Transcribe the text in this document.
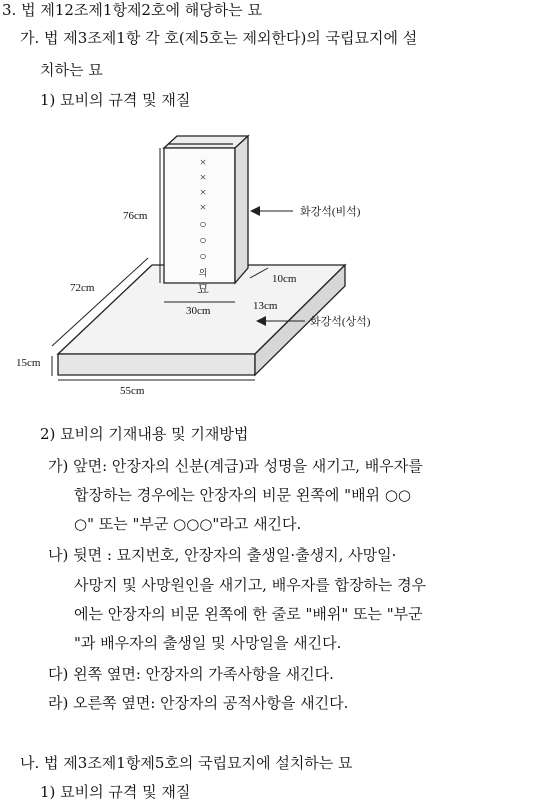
3. 법 제12조제1항제2호에 해당하는 묘
가. 법 제3조제1항 각 호(제5호는 제외한다)의 국립묘지에 설
치하는 묘
1) 묘비의 규격 및 재질
×
×
×
×
○
○
○
의
묘
76cm
72cm
15cm
55cm
30cm
10cm
13cm
화강석(비석)
화강석(상석)
2) 묘비의 기재내용 및 기재방법
가) 앞면: 안장자의 신분(계급)과 성명을 새기고, 배우자를
합장하는 경우에는 안장자의 비문 왼쪽에 "배위 ○○
○" 또는 "부군 ○○○"라고 새긴다.
나) 뒷면 : 묘지번호, 안장자의 출생일·출생지, 사망일·
사망지 및 사망원인을 새기고, 배우자를 합장하는 경우
에는 안장자의 비문 왼쪽에 한 줄로 "배위" 또는 "부군
"과 배우자의 출생일 및 사망일을 새긴다.
다) 왼쪽 옆면: 안장자의 가족사항을 새긴다.
라) 오른쪽 옆면: 안장자의 공적사항을 새긴다.
나. 법 제3조제1항제5호의 국립묘지에 설치하는 묘
1) 묘비의 규격 및 재질
